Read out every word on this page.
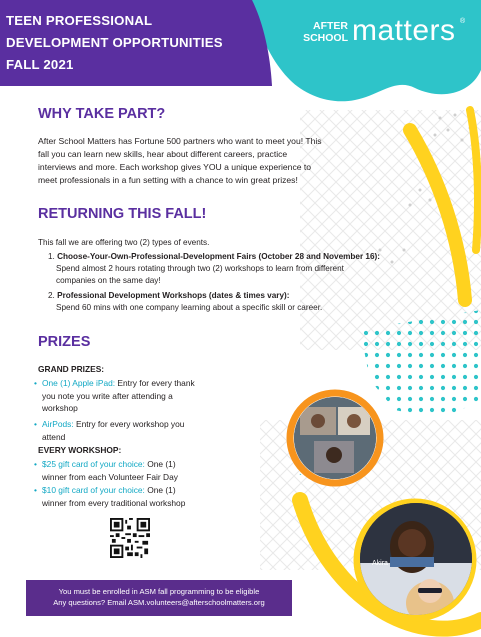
TEEN PROFESSIONAL
DEVELOPMENT OPPORTUNITIES
FALL 2021
AFTER
SCHOOL matters ®
WHY TAKE PART?
After School Matters has Fortune 500 partners who want to meet you! This
fall you can learn new skills, hear about different careers, practice
interviews and more. Each workshop gives YOU a unique experience to
meet professionals in a fun setting with a chance to win great prizes!
RETURNING THIS FALL!
This fall we are offering two (2) types of events.
1. Choose-Your-Own-Professional-Development Fairs (October 28 and November 16):
Spend almost 2 hours rotating through two (2) workshops to learn from different
companies on the same day!
2. Professional Development Workshops (dates & times vary):
Spend 60 mins with one company learning about a specific skill or career.
PRIZES
GRAND PRIZES:
• One (1) Apple iPad: Entry for every thank
you note you write after attending a
workshop
• AirPods: Entry for every workshop you
attend
EVERY WORKSHOP:
• $25 gift card of your choice: One (1)
winner from each Volunteer Fair Day
• $10 gift card of your choice: One (1)
winner from every traditional workshop
You must be enrolled in ASM fall programming to be eligible
Any questions? Email ASM.volunteers@afterschoolmatters.org
Akira
